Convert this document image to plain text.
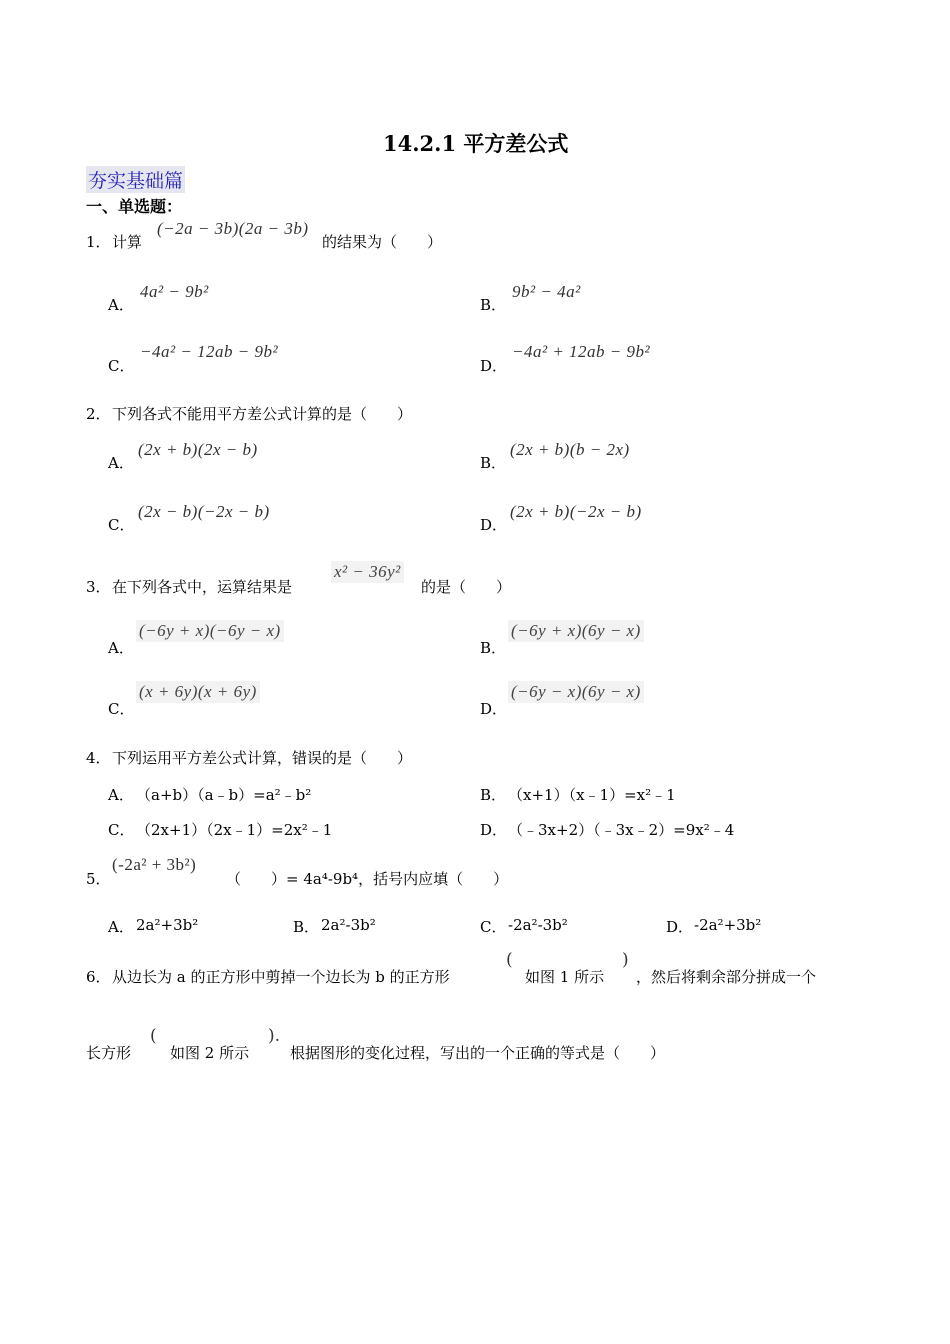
14.2.1 平方差公式
夯实基础篇
一、单选题：
1． 计算
(−2a − 3b)(2a − 3b)
的结果为（　　）
A．
4a² − 9b²
B．
9b² − 4a²
C．
−4a² − 12ab − 9b²
D．
−4a² + 12ab − 9b²
2． 下列各式不能用平方差公式计算的是（　　）
A．
(2x + b)(2x − b)
B．
(2x + b)(b − 2x)
C．
(2x − b)(−2x − b)
D．
(2x + b)(−2x − b)
3． 在下列各式中，运算结果是
x² − 36y²
的是（　　）
A．
(−6y + x)(−6y − x)
B．
(−6y + x)(6y − x)
C．
(x + 6y)(x + 6y)
D．
(−6y − x)(6y − x)
4． 下列运用平方差公式计算，错误的是（　　）
A． （a+b）（a﹣b）=a²﹣b²	B． （x+1）（x﹣1）=x²﹣1
C． （2x+1）（2x﹣1）=2x²﹣1	D． （﹣3x+2）（﹣3x﹣2）=9x²﹣4
5．
(-2a² + 3b²)
（　　）= 4a⁴-9b⁴，括号内应填（　　）
A． 2a²+3b²	B． 2a²-3b²	C． -2a²-3b²	D． -2a²+3b²
6． 从边长为 a 的正方形中剪掉一个边长为 b 的正方形
(
如图 1 所示
)
，然后将剩余部分拼成一个
长方形
(
如图 2 所示
).
根据图形的变化过程，写出的一个正确的等式是（　　）
